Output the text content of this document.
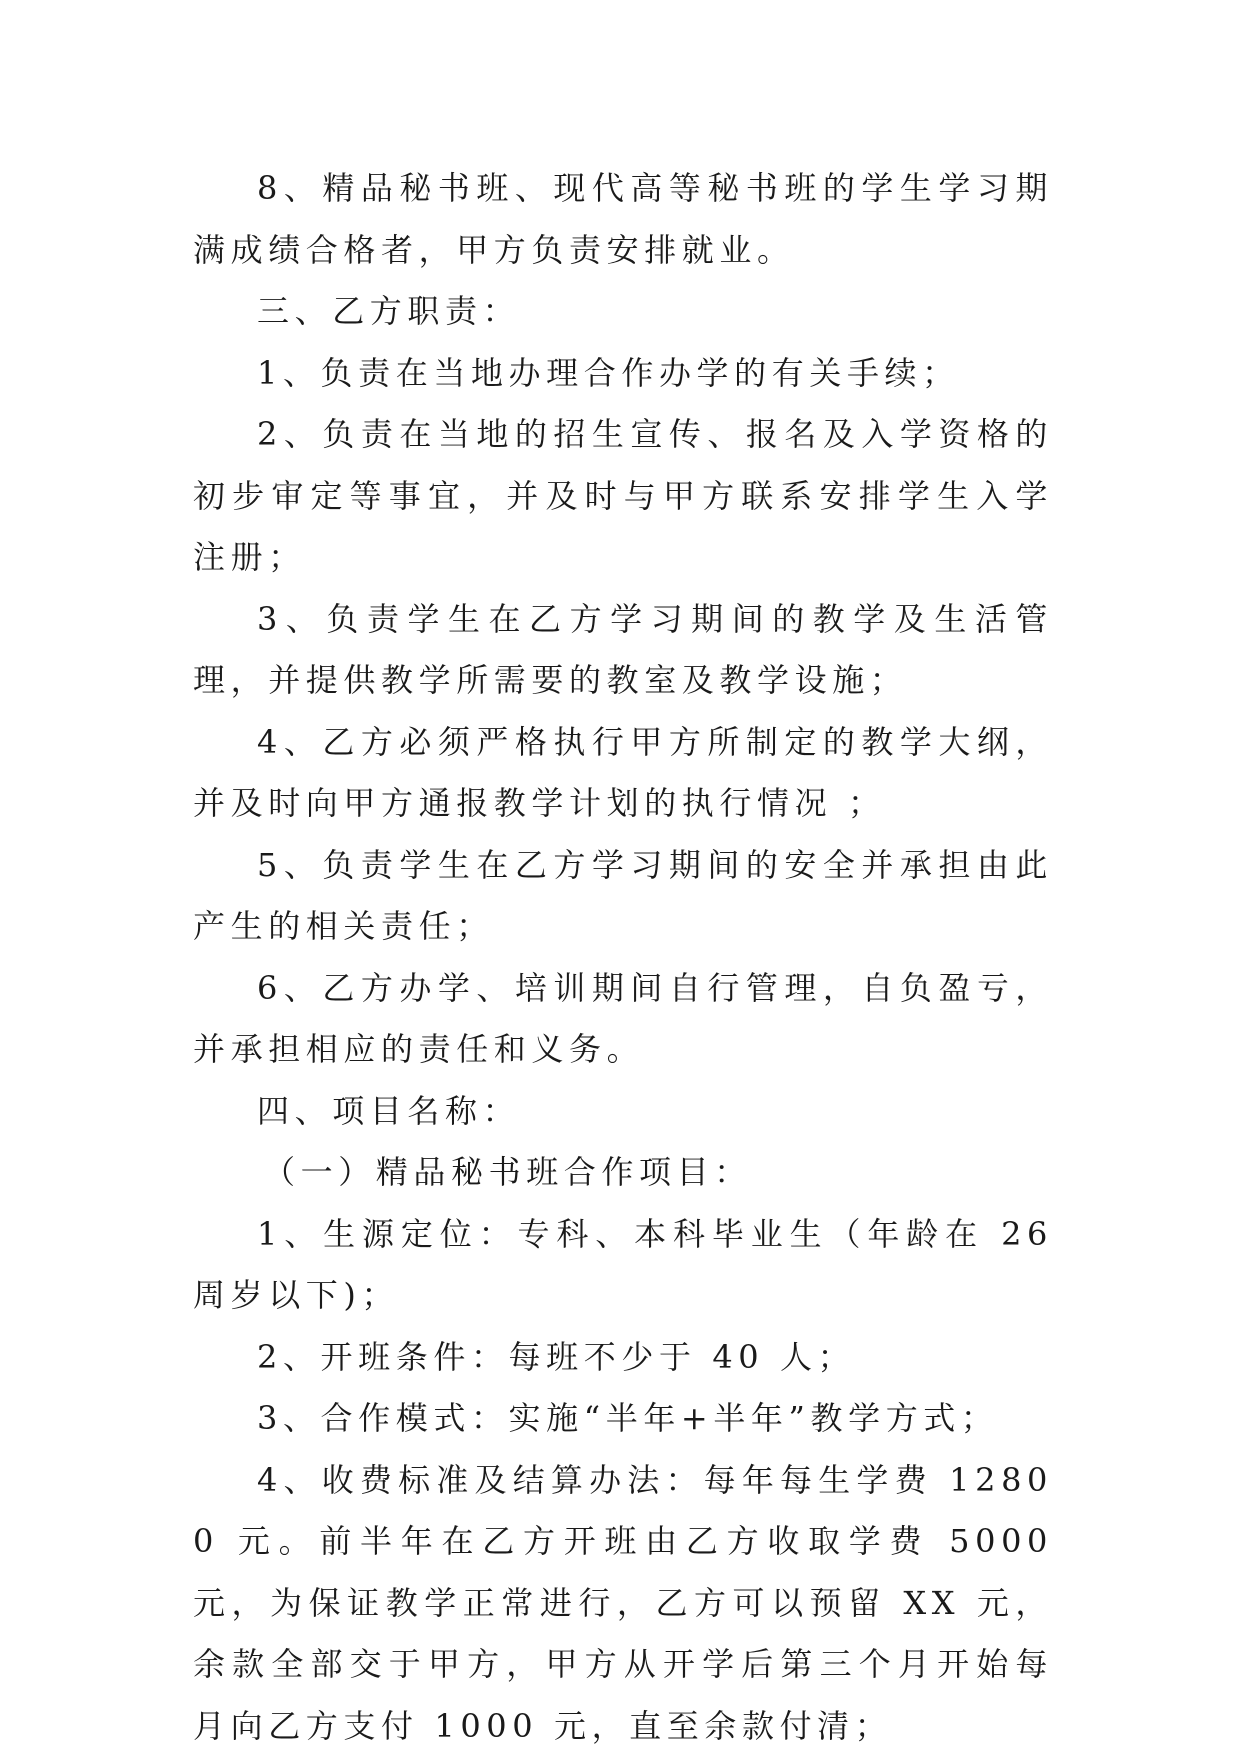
8、精品秘书班、现代高等秘书班的学生学习期满成绩合格者，甲方负责安排就业。

三、乙方职责：

1、负责在当地办理合作办学的有关手续；

2、负责在当地的招生宣传、报名及入学资格的初步审定等事宜，并及时与甲方联系安排学生入学注册；

3、负责学生在乙方学习期间的教学及生活管理，并提供教学所需要的教室及教学设施；

4、乙方必须严格执行甲方所制定的教学大纲，并及时向甲方通报教学计划的执行情况 ；

5、负责学生在乙方学习期间的安全并承担由此产生的相关责任；

6、乙方办学、培训期间自行管理，自负盈亏，并承担相应的责任和义务。

四、项目名称：

（一）精品秘书班合作项目：

1、生源定位：专科、本科毕业生（年龄在 26 周岁以下)；

2、开班条件：每班不少于 40 人；

3、合作模式：实施“半年+半年”教学方式；

4、收费标准及结算办法：每年每生学费 12800 元。前半年在乙方开班由乙方收取学费 5000 元，为保证教学正常进行，乙方可以预留 XX 元，余款全部交于甲方，甲方从开学后第三个月开始每月向乙方支付 1000 元，直至余款付清；
